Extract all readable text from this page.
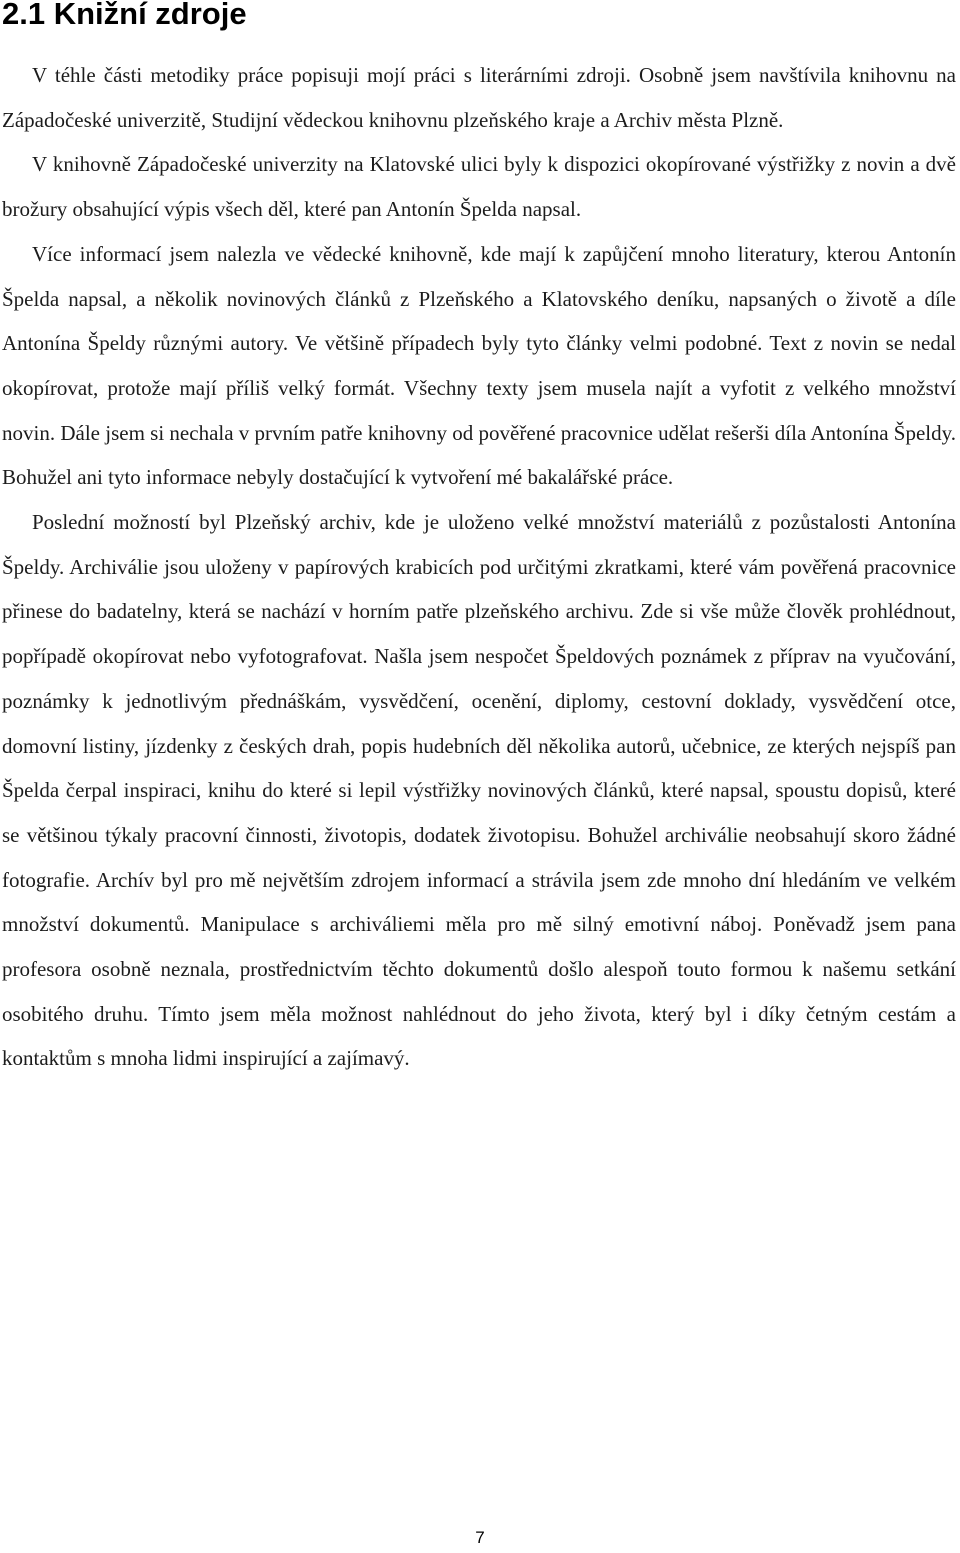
2.1 Knižní zdroje

V téhle části metodiky práce popisuji mojí práci s literárními zdroji. Osobně jsem navštívila knihovnu na Západočeské univerzitě, Studijní vědeckou knihovnu plzeňského kraje a Archiv města Plzně.

V knihovně Západočeské univerzity na Klatovské ulici byly k dispozici okopírované výstřižky z novin a dvě brožury obsahující výpis všech děl, které pan Antonín Špelda napsal.

Více informací jsem nalezla ve vědecké knihovně, kde mají k zapůjčení mnoho literatury, kterou Antonín Špelda napsal, a několik novinových článků z Plzeňského a Klatovského deníku, napsaných o životě a díle Antonína Špeldy různými autory. Ve většině případech byly tyto články velmi podobné. Text z novin se nedal okopírovat, protože mají příliš velký formát. Všechny texty jsem musela najít a vyfotit z velkého množství novin. Dále jsem si nechala v prvním patře knihovny od pověřené pracovnice udělat rešerši díla Antonína Špeldy. Bohužel ani tyto informace nebyly dostačující k vytvoření mé bakalářské práce.

Poslední možností byl Plzeňský archiv, kde je uloženo velké množství materiálů z pozůstalosti Antonína Špeldy. Archiválie jsou uloženy v papírových krabicích pod určitými zkratkami, které vám pověřená pracovnice přinese do badatelny, která se nachází v horním patře plzeňského archivu. Zde si vše může člověk prohlédnout, popřípadě okopírovat nebo vyfotografovat. Našla jsem nespočet Špeldových poznámek z příprav na vyučování, poznámky k jednotlivým přednáškám, vysvědčení, ocenění, diplomy, cestovní doklady, vysvědčení otce, domovní listiny, jízdenky z českých drah, popis hudebních děl několika autorů, učebnice, ze kterých nejspíš pan Špelda čerpal inspiraci, knihu do které si lepil výstřižky novinových článků, které napsal, spoustu dopisů, které se většinou týkaly pracovní činnosti, životopis, dodatek životopisu. Bohužel archiválie neobsahují skoro žádné fotografie. Archív byl pro mě největším zdrojem informací a strávila jsem zde mnoho dní hledáním ve velkém množství dokumentů. Manipulace s archiváliemi měla pro mě silný emotivní náboj. Poněvadž jsem pana profesora osobně neznala, prostřednictvím těchto dokumentů došlo alespoň touto formou k našemu setkání osobitého druhu. Tímto jsem měla možnost nahlédnout do jeho života, který byl i díky četným cestám a kontaktům s mnoha lidmi inspirující a zajímavý.

7
